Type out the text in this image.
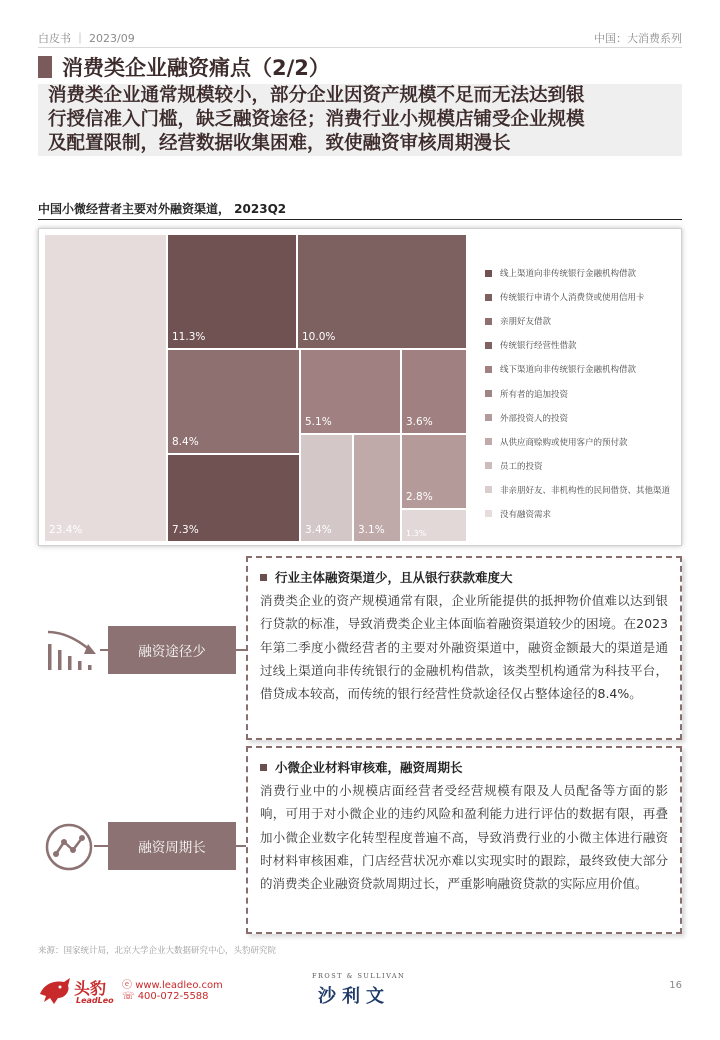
白皮书 ｜ 2023/09	中国：大消费系列
消费类企业融资痛点（2/2）
消费类企业通常规模较小，部分企业因资产规模不足而无法达到银
行授信准入门槛，缺乏融资途径；消费行业小规模店铺受企业规模
及配置限制，经营数据收集困难，致使融资审核周期漫长
中国小微经营者主要对外融资渠道， 2023Q2
11.3%	10.0%
8.4%
7.3%
5.1%	3.6%
3.4%	3.1%
2.8%
1.3%
23.4%
线上渠道向非传统银行金融机构借款
传统银行申请个人消费贷或使用信用卡
亲朋好友借款
传统银行经营性借款
线下渠道向非传统银行金融机构借款
所有者的追加投资
外部投资人的投资
从供应商赊购或使用客户的预付款
员工的投资
非亲朋好友、非机构性的民间借贷、其他渠道
没有融资需求
行业主体融资渠道少，且从银行获款难度大
消费类企业的资产规模通常有限，企业所能提供的抵押物价值难以达到银行贷款的标准，导致消费类企业主体面临着融资渠道较少的困境。在2023年第二季度小微经营者的主要对外融资渠道中，融资金额最大的渠道是通过线上渠道向非传统银行的金融机构借款，该类型机构通常为科技平台，借贷成本较高，而传统的银行经营性贷款途径仅占整体途径的8.4%。
融资途径少
小微企业材料审核难，融资周期长
消费行业中的小规模店面经营者受经营规模有限及人员配备等方面的影响，可用于对小微企业的违约风险和盈利能力进行评估的数据有限，再叠加小微企业数字化转型程度普遍不高，导致消费行业的小微主体进行融资时材料审核困难，门店经营状况亦难以实现实时的跟踪，最终致使大部分的消费类企业融资贷款周期过长，严重影响融资贷款的实际应用价值。
融资周期长
来源：国家统计局，北京大学企业大数据研究中心，头豹研究院
头豹
LeadLeo
ⓔ www.leadleo.com
☏ 400-072-5588
FROST & SULLIVAN
沙利文
16
